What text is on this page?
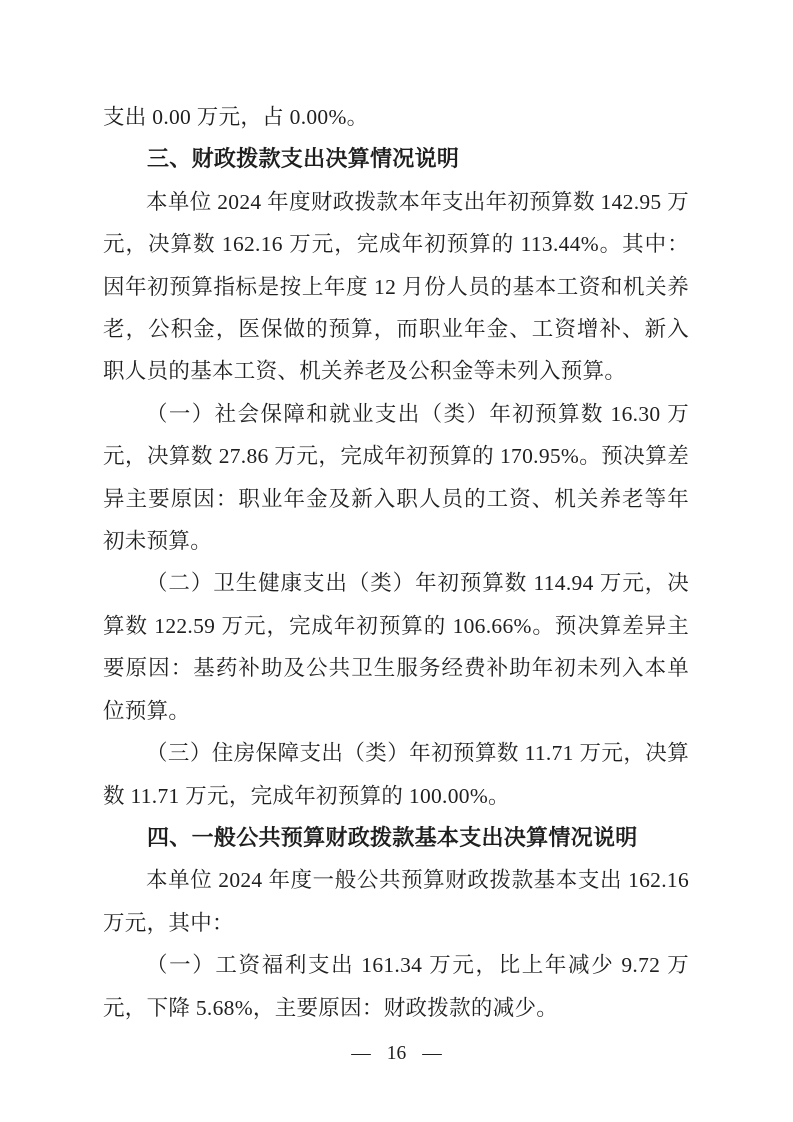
支出 0.00 万元，占 0.00%。

三、财政拨款支出决算情况说明

本单位 2024 年度财政拨款本年支出年初预算数 142.95 万元，决算数 162.16 万元，完成年初预算的 113.44%。其中：因年初预算指标是按上年度 12 月份人员的基本工资和机关养老，公积金，医保做的预算，而职业年金、工资增补、新入职人员的基本工资、机关养老及公积金等未列入预算。

（一）社会保障和就业支出（类）年初预算数 16.30 万元，决算数 27.86 万元，完成年初预算的 170.95%。预决算差异主要原因：职业年金及新入职人员的工资、机关养老等年初未预算。

（二）卫生健康支出（类）年初预算数 114.94 万元，决算数 122.59 万元，完成年初预算的 106.66%。预决算差异主要原因：基药补助及公共卫生服务经费补助年初未列入本单位预算。

（三）住房保障支出（类）年初预算数 11.71 万元，决算数 11.71 万元，完成年初预算的 100.00%。

四、一般公共预算财政拨款基本支出决算情况说明

本单位 2024 年度一般公共预算财政拨款基本支出 162.16 万元，其中：

（一）工资福利支出 161.34 万元，比上年减少 9.72 万元，下降 5.68%，主要原因：财政拨款的减少。

— 16 —
